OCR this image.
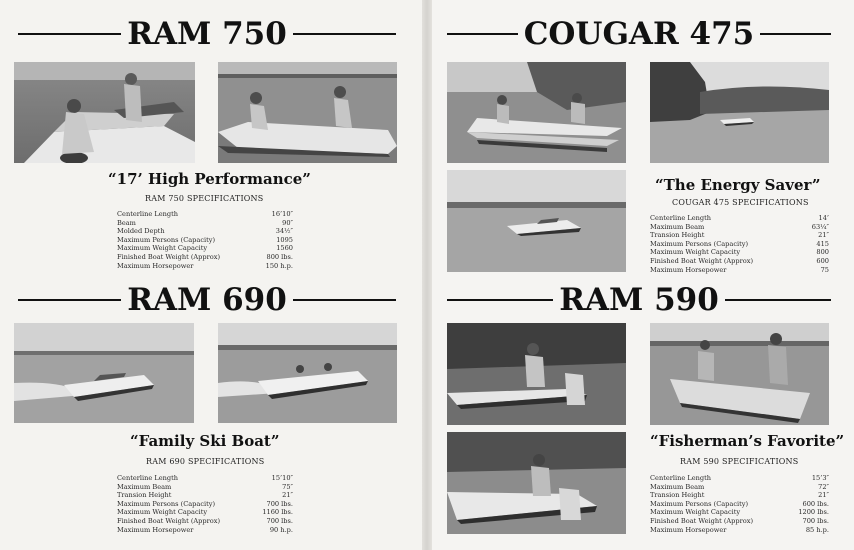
RAM 750
“17’ High Performance”
RAM 750 SPECIFICATIONS
Centerline Length	16’10″
Beam	90″
Molded Depth	34½″
Maximum Persons (Capacity)	1095
Maximum Weight Capacity	1560
Finished Boat Weight (Approx)	800 lbs.
Maximum Horsepower	150 h.p.
RAM 690
“Family Ski Boat”
RAM 690 SPECIFICATIONS
Centerline Length	15’10″
Maximum Beam	75″
Transion Height	21″
Maximum Persons (Capacity)	700 lbs.
Maximum Weight Capacity	1160 lbs.
Finished Boat Weight (Approx)	700 lbs.
Maximum Horsepower	90 h.p.
COUGAR 475
“The Energy Saver”
COUGAR 475 SPECIFICATIONS
Centerline Length	14’
Maximum Beam	63¼″
Transion Height	21″
Maximum Persons (Capacity)	415
Maximum Weight Capacity	800
Finished Boat Weight (Approx)	600
Maximum Horsepower	75
RAM 590
“Fisherman’s Favorite”
RAM 590 SPECIFICATIONS
Centerline Length	15’3″
Maximum Beam	72″
Transion Height	21″
Maximum Persons (Capacity)	600 lbs.
Maximum Weight Capacity	1200 lbs.
Finished Boat Weight (Approx)	700 lbs.
Maximum Horsepower	85 h.p.
